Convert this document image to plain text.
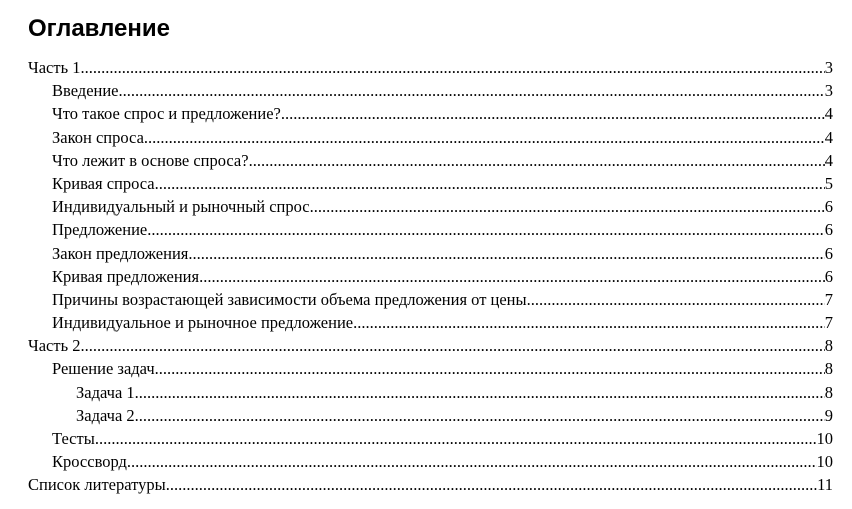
Оглавление
Часть 1 .....	3
Введение .....	3
Что такое спрос и предложение? .....	4
Закон спроса .....	4
Что лежит в основе спроса? .....	4
Кривая спроса .....	5
Индивидуальный и рыночный спрос .....	6
Предложение .....	6
Закон предложения .....	6
Кривая предложения .....	6
Причины возрастающей зависимости объема предложения от цены .....	7
Индивидуальное и рыночное предложение .....	7
Часть 2 .....	8
Решение задач .....	8
Задача 1 .....	8
Задача 2 .....	9
Тесты .....	10
Кроссворд .....	10
Список литературы .....	11
